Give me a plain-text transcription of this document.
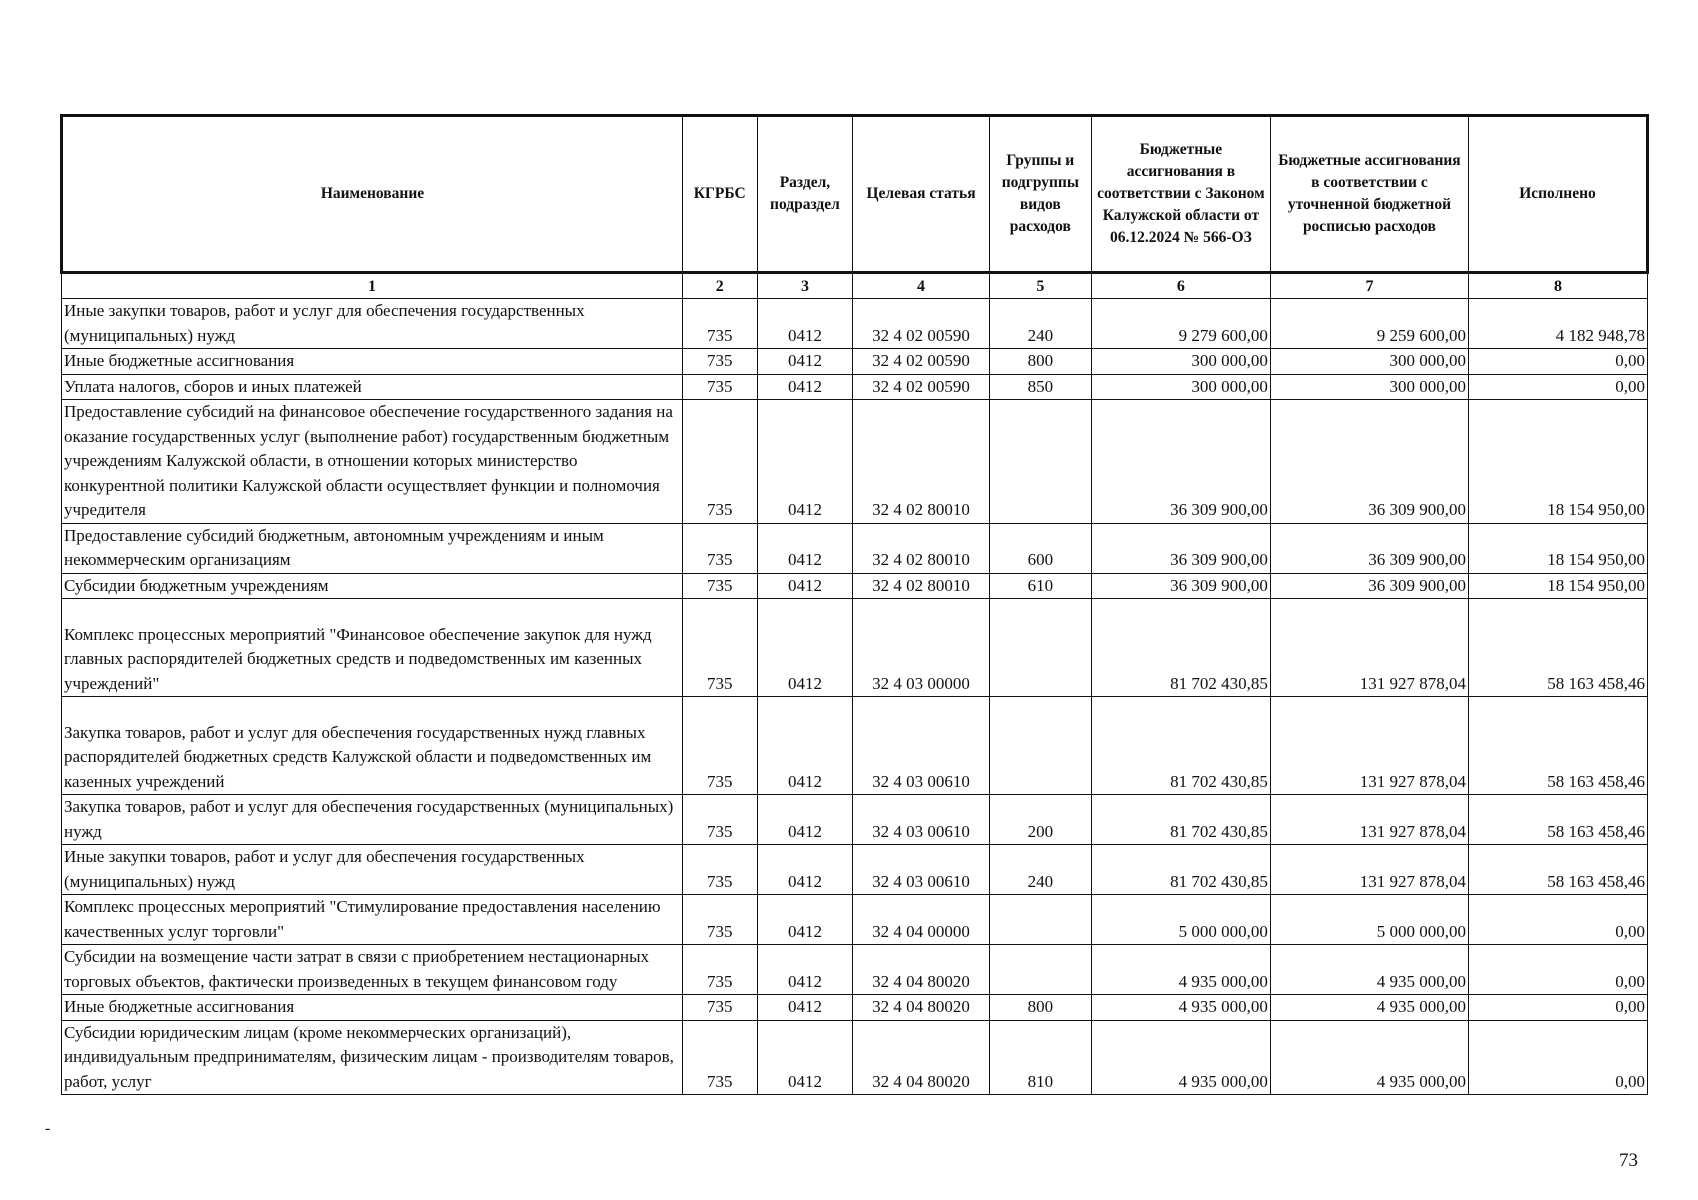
Наименование	КГРБС	Раздел, подраздел	Целевая статья	Группы и подгруппы видов расходов	Бюджетные ассигнования в соответствии с Законом Калужской области от 06.12.2024 № 566-ОЗ	Бюджетные ассигнования в соответствии с уточненной бюджетной росписью расходов	Исполнено
1	2	3	4	5	6	7	8
Иные закупки товаров, работ и услуг для обеспечения государственных (муниципальных) нужд	735	0412	32 4 02 00590	240	9 279 600,00	9 259 600,00	4 182 948,78
Иные бюджетные ассигнования	735	0412	32 4 02 00590	800	300 000,00	300 000,00	0,00
Уплата налогов, сборов и иных платежей	735	0412	32 4 02 00590	850	300 000,00	300 000,00	0,00
Предоставление субсидий на финансовое обеспечение государственного задания на оказание государственных услуг (выполнение работ) государственным бюджетным учреждениям Калужской области, в отношении которых министерство конкурентной политики Калужской области осуществляет функции и полномочия учредителя	735	0412	32 4 02 80010		36 309 900,00	36 309 900,00	18 154 950,00
Предоставление субсидий бюджетным, автономным учреждениям и иным некоммерческим организациям	735	0412	32 4 02 80010	600	36 309 900,00	36 309 900,00	18 154 950,00
Субсидии бюджетным учреждениям	735	0412	32 4 02 80010	610	36 309 900,00	36 309 900,00	18 154 950,00
Комплекс процессных мероприятий "Финансовое обеспечение закупок для нужд главных распорядителей бюджетных средств и подведомственных им казенных учреждений"	735	0412	32 4 03 00000		81 702 430,85	131 927 878,04	58 163 458,46
Закупка товаров, работ и услуг для обеспечения государственных нужд главных распорядителей бюджетных средств Калужской области и подведомственных им казенных учреждений	735	0412	32 4 03 00610		81 702 430,85	131 927 878,04	58 163 458,46
Закупка товаров, работ и услуг для обеспечения государственных (муниципальных) нужд	735	0412	32 4 03 00610	200	81 702 430,85	131 927 878,04	58 163 458,46
Иные закупки товаров, работ и услуг для обеспечения государственных (муниципальных) нужд	735	0412	32 4 03 00610	240	81 702 430,85	131 927 878,04	58 163 458,46
Комплекс процессных мероприятий "Стимулирование предоставления населению качественных услуг торговли"	735	0412	32 4 04 00000		5 000 000,00	5 000 000,00	0,00
Субсидии на возмещение части затрат в связи с приобретением нестационарных торговых объектов, фактически произведенных в текущем финансовом году	735	0412	32 4 04 80020		4 935 000,00	4 935 000,00	0,00
Иные бюджетные ассигнования	735	0412	32 4 04 80020	800	4 935 000,00	4 935 000,00	0,00
Субсидии юридическим лицам (кроме некоммерческих организаций), индивидуальным предпринимателям, физическим лицам - производителям товаров, работ, услуг	735	0412	32 4 04 80020	810	4 935 000,00	4 935 000,00	0,00
-
73
